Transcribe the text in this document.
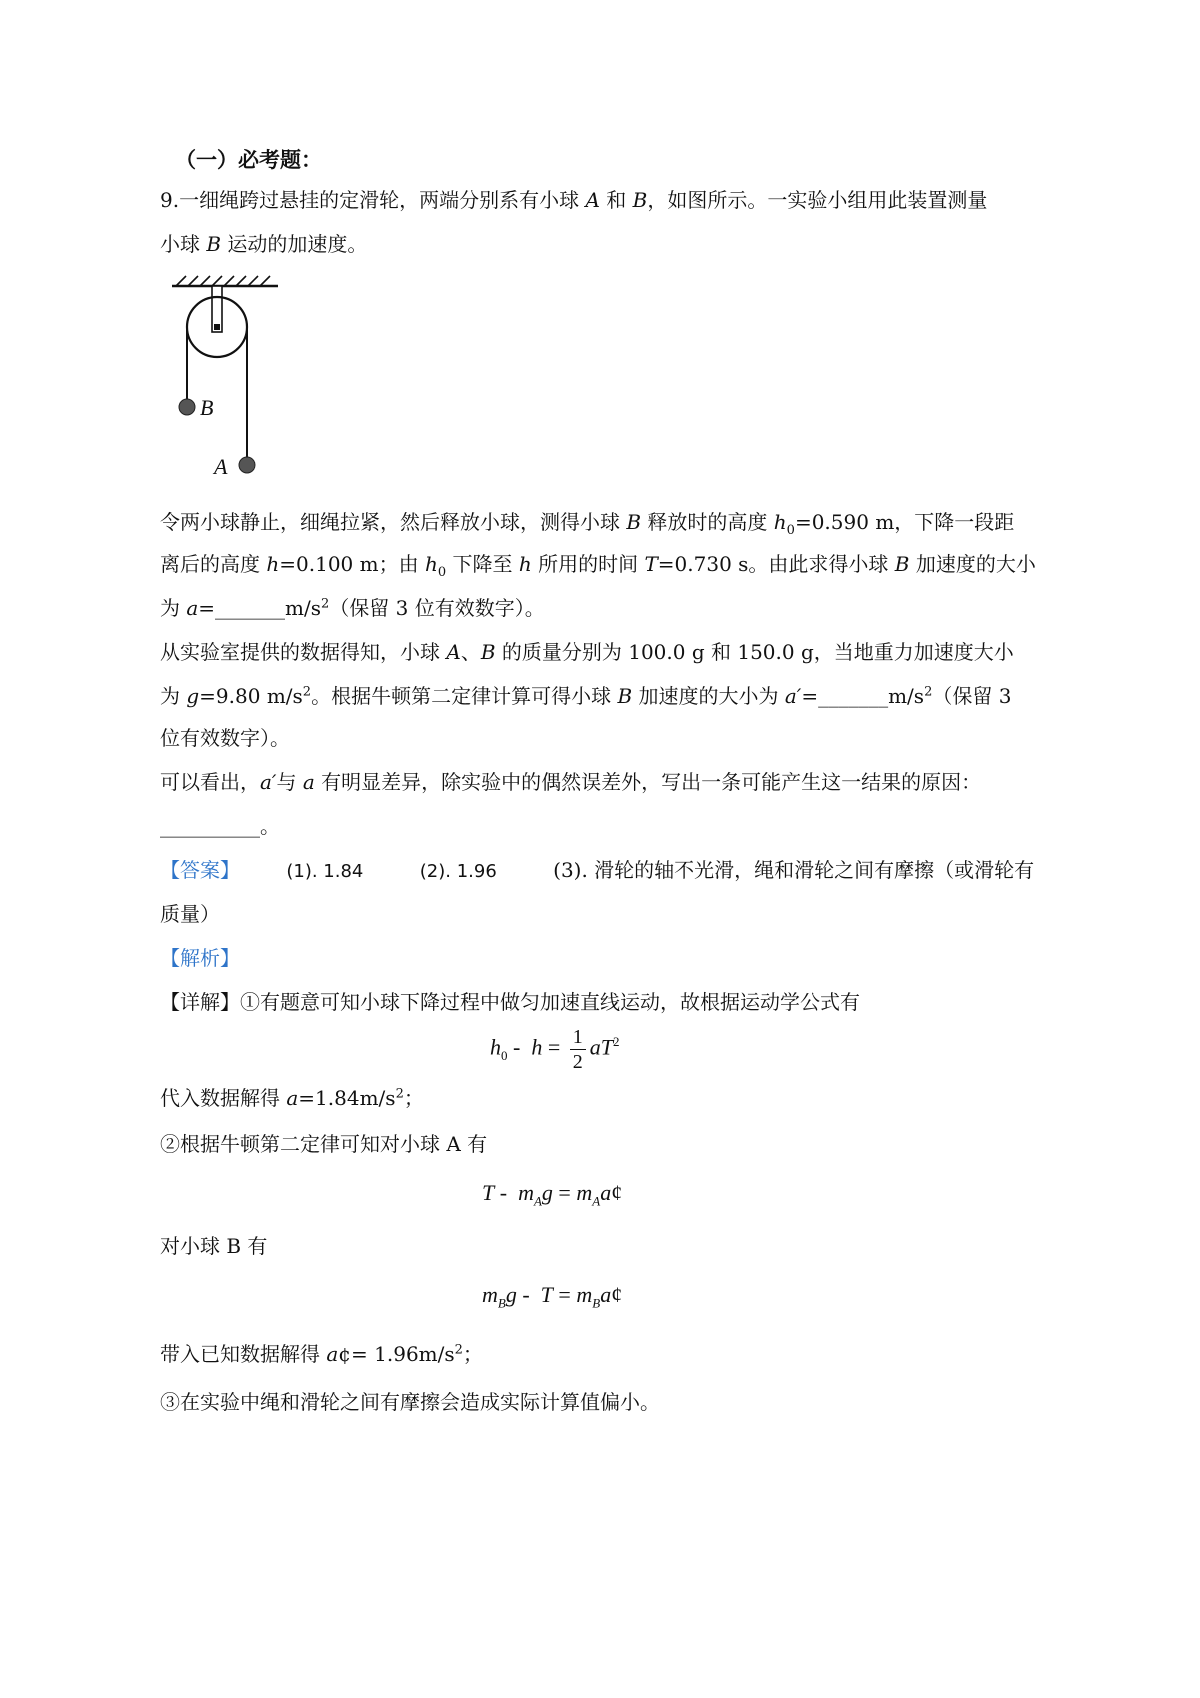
（一）必考题：
9.一细绳跨过悬挂的定滑轮，两端分别系有小球 A 和 B，如图所示。一实验小组用此装置测量
小球 B 运动的加速度。
B
A
令两小球静止，细绳拉紧，然后释放小球，测得小球 B 释放时的高度 $h_0=0.590$ m，下降一段距
离后的高度 h=0.100 m；由 $h_0$ 下降至 h 所用的时间 T=0.730 s。由此求得小球 B 加速度的大小
为 $a=\_\_\_\_\_\_\_m/s^2$（保留 3 位有效数字）。
从实验室提供的数据得知，小球 A、B 的质量分别为 100.0 g 和 150.0 g，当地重力加速度大小
为 g=9.80 $m/s^2$。根据牛顿第二定律计算可得小球 B 加速度的大小为 $a'=\_\_\_\_\_\_\_m/s^2$（保留 3
位有效数字）。
可以看出，a′与 a 有明显差异，除实验中的偶然误差外，写出一条可能产生这一结果的原因：
__________。
【答案】	(1). 1.84	(2). 1.96	(3). 滑轮的轴不光滑，绳和滑轮之间有摩擦（或滑轮有
质量）
【解析】
【详解】①有题意可知小球下降过程中做匀加速直线运动，故根据运动学公式有
$h_0 - h = \frac{1}{2} aT^2$
代入数据解得 $a=1.84m/s^2$；
②根据牛顿第二定律可知对小球 A 有
T -  $m_Ag$ = $m_Aa¢$
对小球 B 有
$m_Bg$ -  $T = m_Ba¢$
带入已知数据解得 a¢= $1.96m/s^2$；
③在实验中绳和滑轮之间有摩擦会造成实际计算值偏小。
